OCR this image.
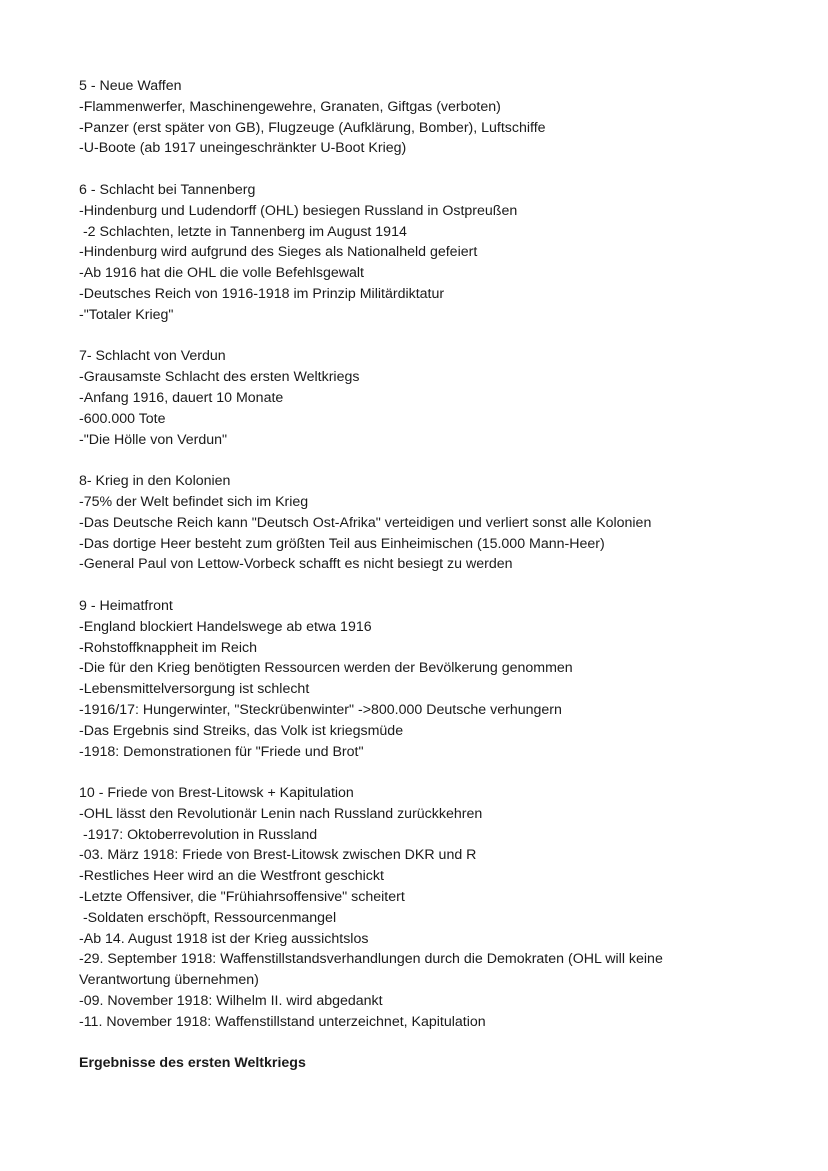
5 - Neue Waffen
-Flammenwerfer, Maschinengewehre, Granaten, Giftgas (verboten)
-Panzer (erst später von GB), Flugzeuge (Aufklärung, Bomber), Luftschiffe
-U-Boote (ab 1917 uneingeschränkter U-Boot Krieg)
6 - Schlacht bei Tannenberg
-Hindenburg und Ludendorff (OHL) besiegen Russland in Ostpreußen
-2 Schlachten, letzte in Tannenberg im August 1914
-Hindenburg wird aufgrund des Sieges als Nationalheld gefeiert
-Ab 1916 hat die OHL die volle Befehlsgewalt
-Deutsches Reich von 1916-1918 im Prinzip Militärdiktatur
-"Totaler Krieg"
7- Schlacht von Verdun
-Grausamste Schlacht des ersten Weltkriegs
-Anfang 1916, dauert 10 Monate
-600.000 Tote
-"Die Hölle von Verdun"
8- Krieg in den Kolonien
-75% der Welt befindet sich im Krieg
-Das Deutsche Reich kann "Deutsch Ost-Afrika" verteidigen und verliert sonst alle Kolonien
-Das dortige Heer besteht zum größten Teil aus Einheimischen (15.000 Mann-Heer)
-General Paul von Lettow-Vorbeck schafft es nicht besiegt zu werden
9 - Heimatfront
-England blockiert Handelswege ab etwa 1916
-Rohstoffknappheit im Reich
-Die für den Krieg benötigten Ressourcen werden der Bevölkerung genommen
-Lebensmittelversorgung ist schlecht
-1916/17: Hungerwinter, "Steckrübenwinter" ->800.000 Deutsche verhungern
-Das Ergebnis sind Streiks, das Volk ist kriegsmüde
-1918: Demonstrationen für "Friede und Brot"
10 - Friede von Brest-Litowsk + Kapitulation
-OHL lässt den Revolutionär Lenin nach Russland zurückkehren
-1917: Oktoberrevolution in Russland
-03. März 1918: Friede von Brest-Litowsk zwischen DKR und R
-Restliches Heer wird an die Westfront geschickt
-Letzte Offensiver, die "Frühiahrsoffensive" scheitert
-Soldaten erschöpft, Ressourcenmangel
-Ab 14. August 1918 ist der Krieg aussichtslos
-29. September 1918: Waffenstillstandsverhandlungen durch die Demokraten (OHL will keine
Verantwortung übernehmen)
-09. November 1918: Wilhelm II. wird abgedankt
-11. November 1918: Waffenstillstand unterzeichnet, Kapitulation
Ergebnisse des ersten Weltkriegs
